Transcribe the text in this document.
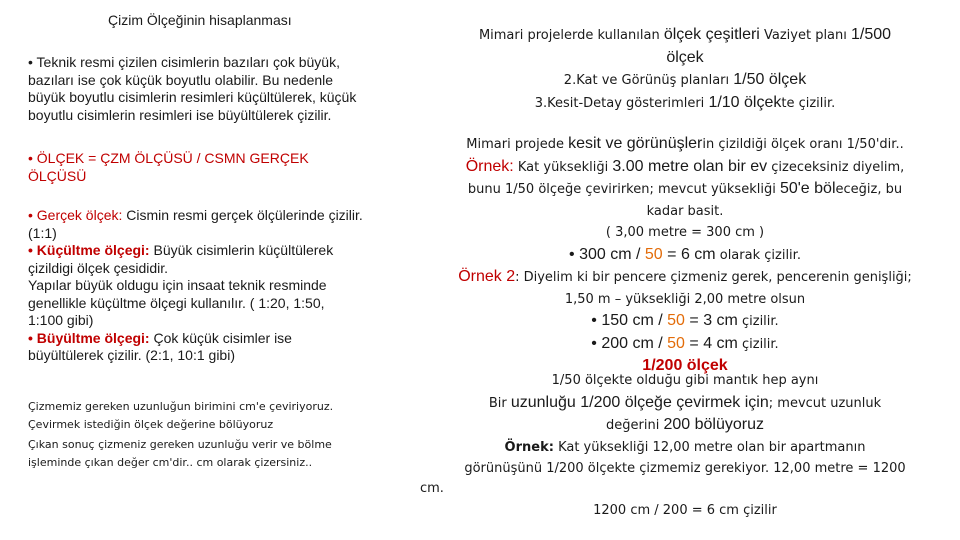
Çizim Ölçeğinin hisaplanması
• Teknik resmi çizilen cisimlerin bazıları çok büyük,
bazıları ise çok küçük boyutlu olabilir. Bu nedenle
büyük boyutlu cisimlerin resimleri küçültülerek, küçük
boyutlu cisimlerin resimleri ise büyültülerek çizilir.
• ÖLÇEK = ÇZM ÖLÇÜSÜ / CSMN GERÇEK
ÖLÇÜSÜ
• Gerçek ölçek: Cismin resmi gerçek ölçülerinde çizilir.
(1:1)
• Küçültme ölçegi: Büyük cisimlerin küçültülerek
çizildigi ölçek çesididir.
Yapılar büyük oldugu için insaat teknik resminde
genellikle küçültme ölçegi kullanılır. ( 1:20, 1:50,
1:100 gibi)
• Büyültme ölçegi: Çok küçük cisimler ise
büyültülerek çizilir. (2:1, 10:1 gibi)
Çizmemiz gereken uzunluğun birimini cm'e çeviriyoruz.
Çevirmek istediğin ölçek değerine bölüyoruz
Çıkan sonuç çizmeniz gereken uzunluğu verir ve bölme
işleminde çıkan değer cm'dir.. cm olarak çizersiniz..
Mimari projelerde kullanılan ölçek çeşitleri Vaziyet planı 1/500
ölçek
2.Kat ve Görünüş planları 1/50 ölçek
3.Kesit-Detay gösterimleri 1/10 ölçekte çizilir.
Mimari projede kesit ve görünüşlerin çizildiği ölçek oranı 1/50'dir..
Örnek: Kat yüksekliği 3.00 metre olan bir ev çizeceksiniz diyelim,
bunu 1/50 ölçeğe çevirirken; mevcut yüksekliği 50'e böleceğiz, bu
kadar basit.
( 3,00 metre = 300 cm )
• 300 cm / 50 = 6 cm olarak çizilir.
Örnek 2: Diyelim ki bir pencere çizmeniz gerek, pencerenin genişliği;
1,50 m – yüksekliği 2,00 metre olsun
• 150 cm / 50 = 3 cm çizilir.
• 200 cm / 50 = 4 cm çizilir.
1/200 ölçek
1/50 ölçekte olduğu gibi mantık hep aynı
Bir uzunluğu 1/200 ölçeğe çevirmek için; mevcut uzunluk
değerini 200 bölüyoruz
Örnek: Kat yüksekliği 12,00 metre olan bir apartmanın
görünüşünü 1/200 ölçekte çizmemiz gerekiyor. 12,00 metre = 1200
cm.
1200 cm / 200 = 6 cm çizilir
